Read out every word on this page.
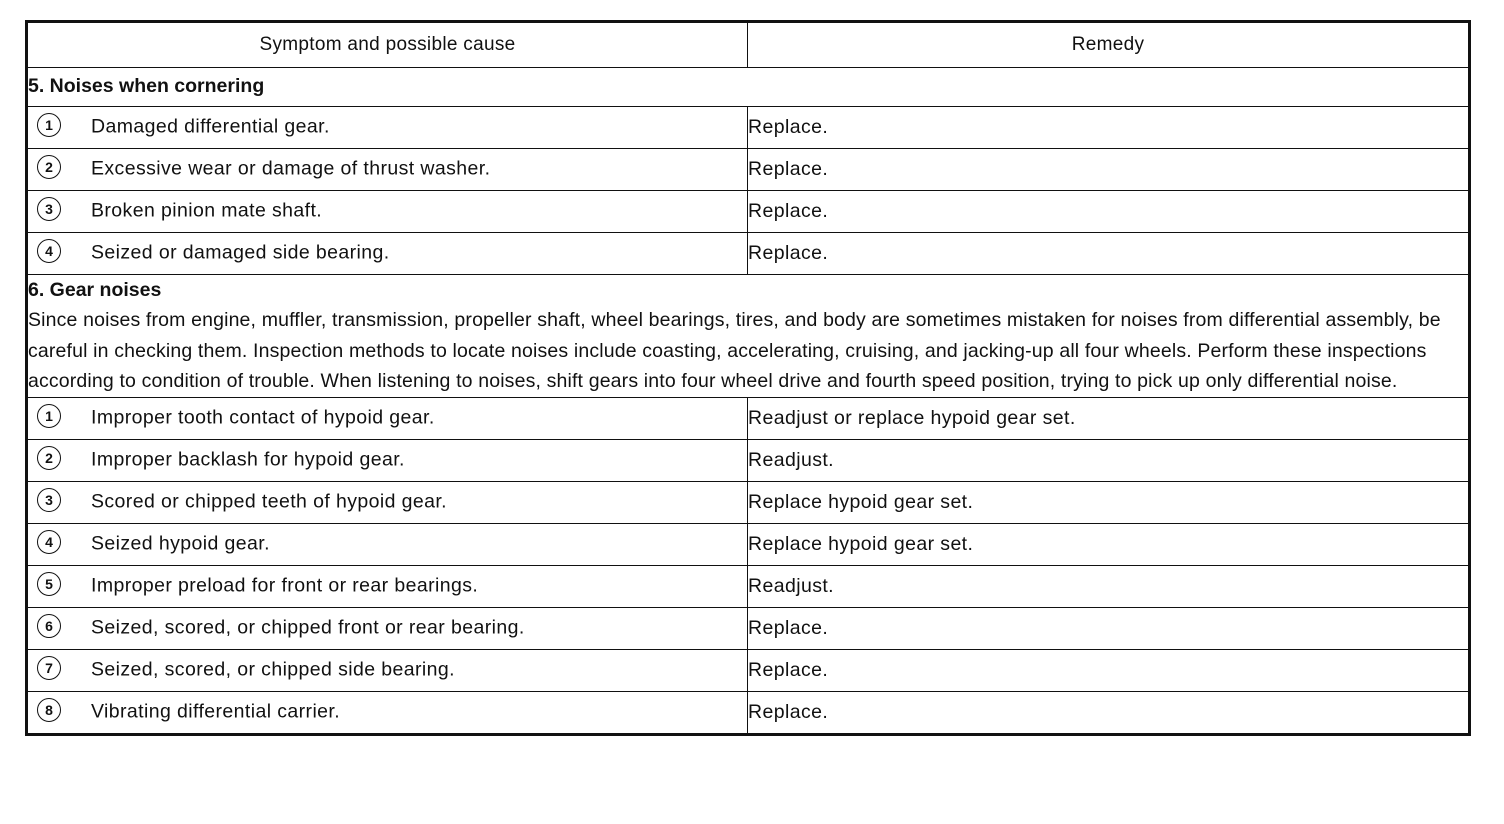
Symptom and possible cause	Remedy

5. Noises when cornering	

1 Damaged differential gear.	Replace.
2 Excessive wear or damage of thrust washer.	Replace.
3 Broken pinion mate shaft.	Replace.
4 Seized or damaged side bearing.	Replace.

6. Gear noises
Since noises from engine, muffler, transmission, propeller shaft, wheel bearings, tires, and body are sometimes mistaken for noises from differential assembly, be careful in checking them. Inspection methods to locate noises include coasting, accelerating, cruising, and jacking-up all four wheels. Perform these inspections according to condition of trouble. When listening to noises, shift gears into four wheel drive and fourth speed position, trying to pick up only differential noise.	

1 Improper tooth contact of hypoid gear.	Readjust or replace hypoid gear set.
2 Improper backlash for hypoid gear.	Readjust.
3 Scored or chipped teeth of hypoid gear.	Replace hypoid gear set.
4 Seized hypoid gear.	Replace hypoid gear set.
5 Improper preload for front or rear bearings.	Readjust.
6 Seized, scored, or chipped front or rear bearing.	Replace.
7 Seized, scored, or chipped side bearing.	Replace.
8 Vibrating differential carrier.	Replace.
